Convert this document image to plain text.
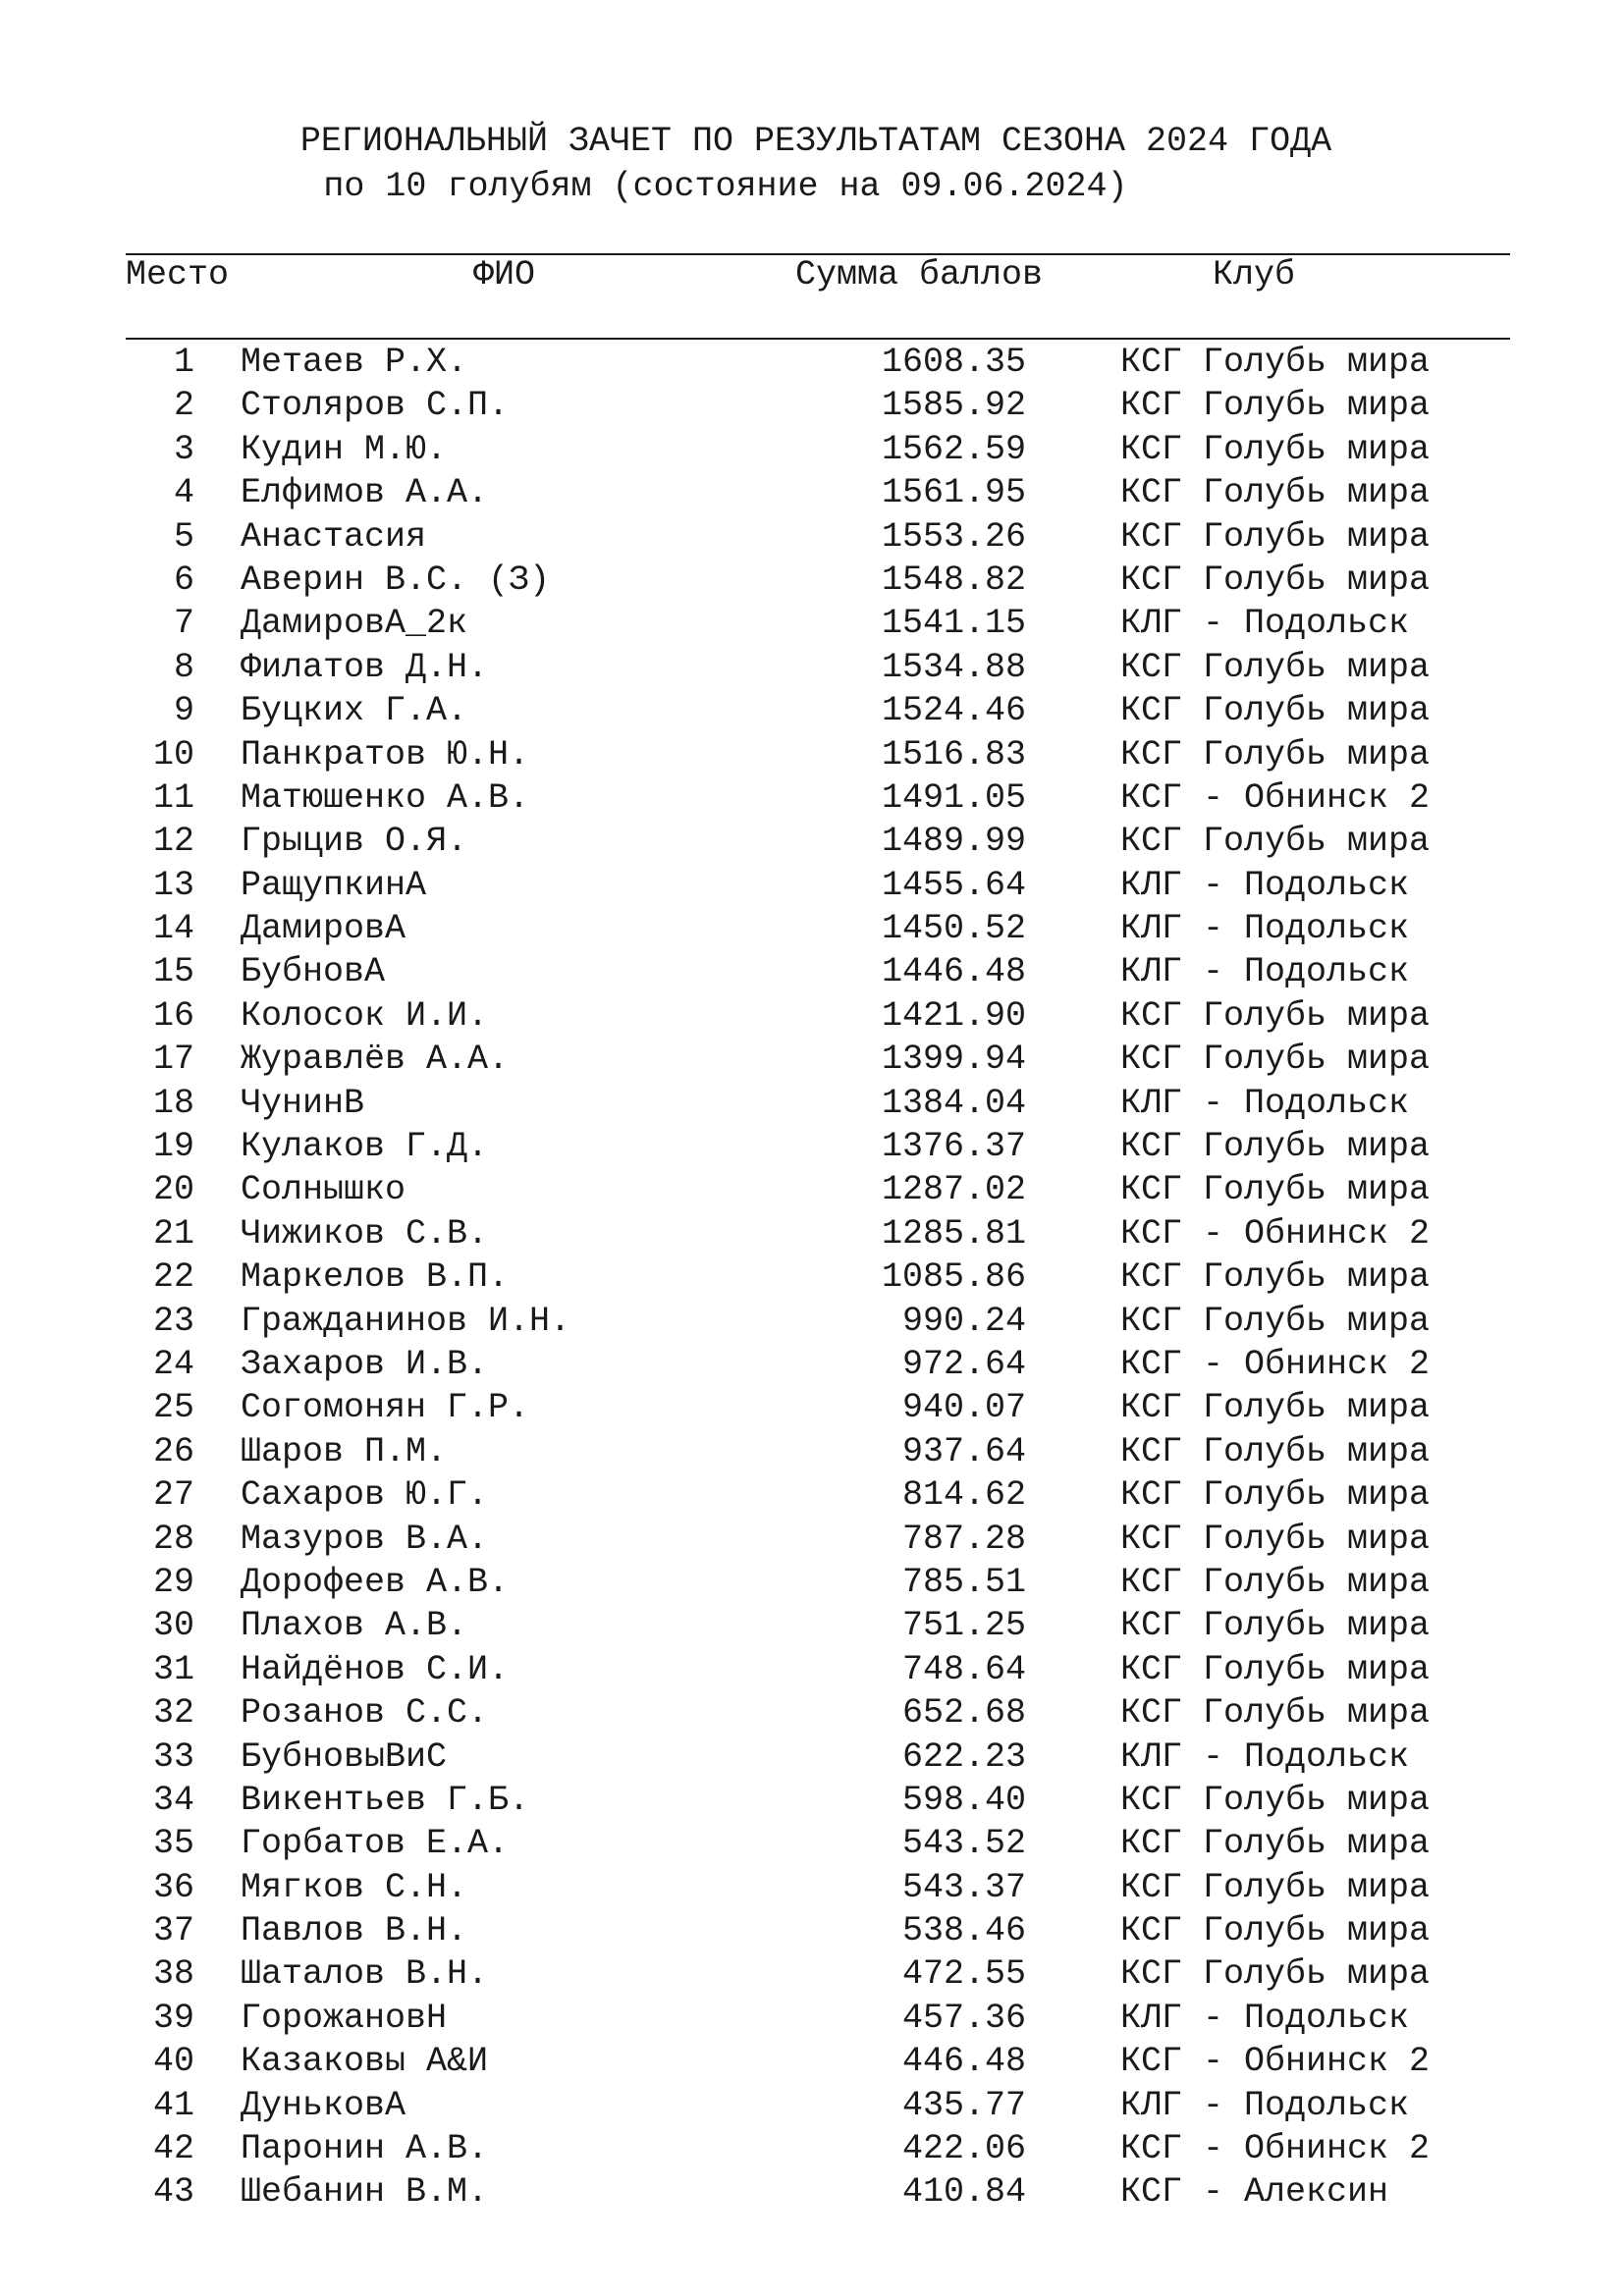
РЕГИОНАЛЬНЫЙ ЗАЧЕТ ПО РЕЗУЛЬТАТАМ СЕЗОНА 2024 ГОДА
по 10 голубям (состояние на 09.06.2024)
Место	ФИО	Сумма баллов	Клуб
1 Метаев Р.Х.	1608.35	КСГ Голубь мира
2 Столяров С.П.	1585.92	КСГ Голубь мира
3 Кудин М.Ю.	1562.59	КСГ Голубь мира
4 Елфимов А.А.	1561.95	КСГ Голубь мира
5 Анастасия	1553.26	КСГ Голубь мира
6 Аверин В.С. (З)	1548.82	КСГ Голубь мира
7 ДамировА_2к	1541.15	КЛГ - Подольск
8 Филатов Д.Н.	1534.88	КСГ Голубь мира
9 Буцких Г.А.	1524.46	КСГ Голубь мира
10 Панкратов Ю.Н.	1516.83	КСГ Голубь мира
11 Матюшенко А.В.	1491.05	КСГ - Обнинск 2
12 Грыцив О.Я.	1489.99	КСГ Голубь мира
13 РащупкинА	1455.64	КЛГ - Подольск
14 ДамировА	1450.52	КЛГ - Подольск
15 БубновА	1446.48	КЛГ - Подольск
16 Колосок И.И.	1421.90	КСГ Голубь мира
17 Журавлёв А.А.	1399.94	КСГ Голубь мира
18 ЧунинВ	1384.04	КЛГ - Подольск
19 Кулаков Г.Д.	1376.37	КСГ Голубь мира
20 Солнышко	1287.02	КСГ Голубь мира
21 Чижиков С.В.	1285.81	КСГ - Обнинск 2
22 Маркелов В.П.	1085.86	КСГ Голубь мира
23 Гражданинов И.Н.	990.24	КСГ Голубь мира
24 Захаров И.В.	972.64	КСГ - Обнинск 2
25 Согомонян Г.Р.	940.07	КСГ Голубь мира
26 Шаров П.М.	937.64	КСГ Голубь мира
27 Сахаров Ю.Г.	814.62	КСГ Голубь мира
28 Мазуров В.А.	787.28	КСГ Голубь мира
29 Дорофеев А.В.	785.51	КСГ Голубь мира
30 Плахов А.В.	751.25	КСГ Голубь мира
31 Найдёнов С.И.	748.64	КСГ Голубь мира
32 Розанов С.С.	652.68	КСГ Голубь мира
33 БубновыВиС	622.23	КЛГ - Подольск
34 Викентьев Г.Б.	598.40	КСГ Голубь мира
35 Горбатов Е.А.	543.52	КСГ Голубь мира
36 Мягков С.Н.	543.37	КСГ Голубь мира
37 Павлов В.Н.	538.46	КСГ Голубь мира
38 Шаталов В.Н.	472.55	КСГ Голубь мира
39 ГорожановН	457.36	КЛГ - Подольск
40 Казаковы А&И	446.48	КСГ - Обнинск 2
41 ДуньковА	435.77	КЛГ - Подольск
42 Паронин А.В.	422.06	КСГ - Обнинск 2
43 Шебанин В.М.	410.84	КСГ - Алексин
